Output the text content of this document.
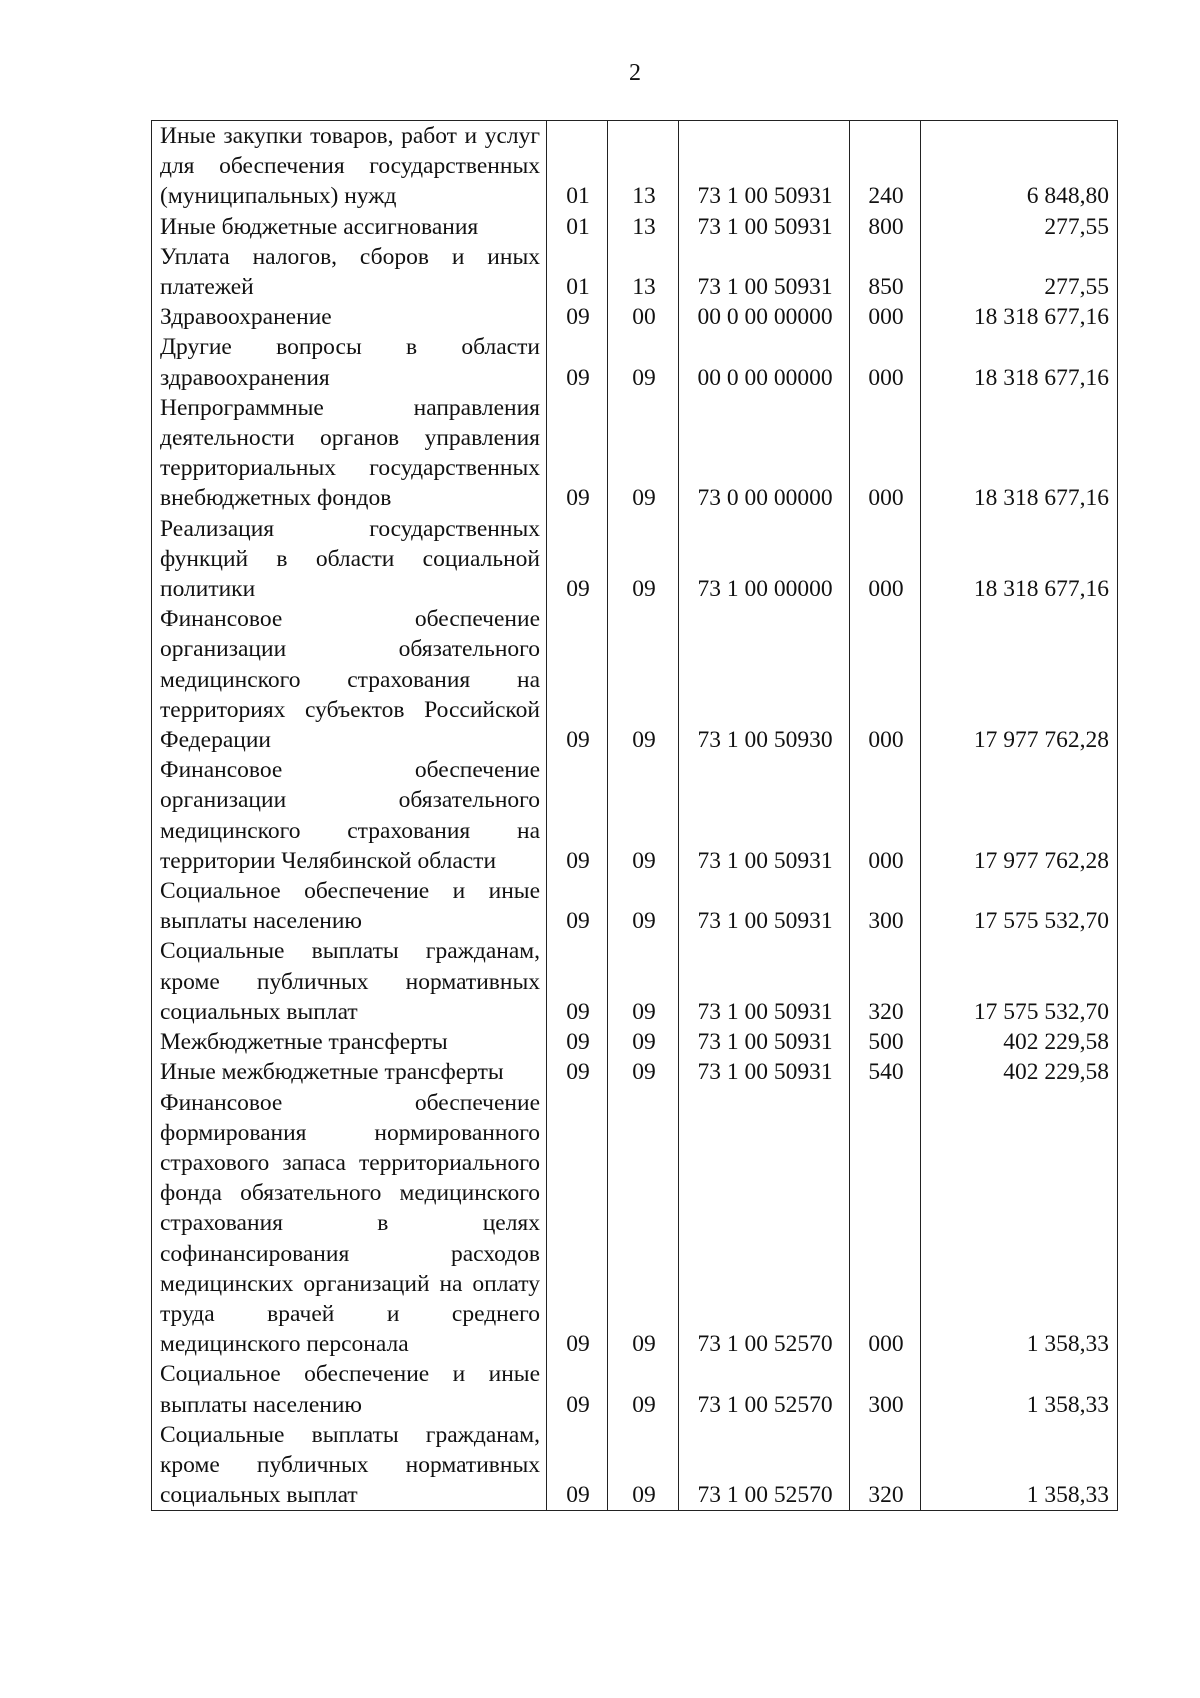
2
Иные закупки товаров, работ и услуг для обеспечения государственных (муниципальных) нужд	01	13	73 1 00 50931	240	6 848,80
Иные бюджетные ассигнования	01	13	73 1 00 50931	800	277,55
Уплата налогов, сборов и иных платежей	01	13	73 1 00 50931	850	277,55
Здравоохранение	09	00	00 0 00 00000	000	18 318 677,16
Другие вопросы в области здравоохранения	09	09	00 0 00 00000	000	18 318 677,16
Непрограммные направления деятельности органов управления территориальных государственных внебюджетных фондов	09	09	73 0 00 00000	000	18 318 677,16
Реализация государственных функций в области социальной политики	09	09	73 1 00 00000	000	18 318 677,16
Финансовое обеспечение организации обязательного медицинского страхования на территориях субъектов Российской Федерации	09	09	73 1 00 50930	000	17 977 762,28
Финансовое обеспечение организации обязательного медицинского страхования на территории Челябинской области	09	09	73 1 00 50931	000	17 977 762,28
Социальное обеспечение и иные выплаты населению	09	09	73 1 00 50931	300	17 575 532,70
Социальные выплаты гражданам, кроме публичных нормативных социальных выплат	09	09	73 1 00 50931	320	17 575 532,70
Межбюджетные трансферты	09	09	73 1 00 50931	500	402 229,58
Иные межбюджетные трансферты	09	09	73 1 00 50931	540	402 229,58
Финансовое обеспечение формирования нормированного страхового запаса территориального фонда обязательного медицинского страхования в целях софинансирования расходов медицинских организаций на оплату труда врачей и среднего медицинского персонала	09	09	73 1 00 52570	000	1 358,33
Социальное обеспечение и иные выплаты населению	09	09	73 1 00 52570	300	1 358,33
Социальные выплаты гражданам, кроме публичных нормативных социальных выплат	09	09	73 1 00 52570	320	1 358,33
